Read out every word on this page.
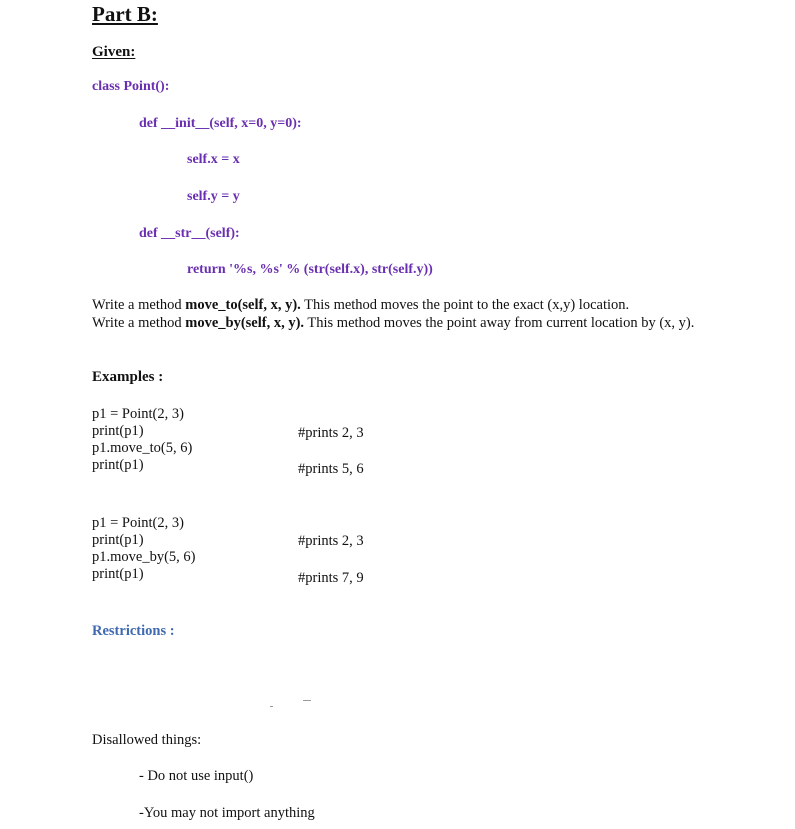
Part B:
Given:
class Point():
def __init__(self, x=0, y=0):
self.x = x
self.y = y
def __str__(self):
return '%s, %s' % (str(self.x), str(self.y))
Write a method move_to(self, x, y). This method moves the point to the exact (x,y) location.
Write a method move_by(self, x, y). This method moves the point away from current location by (x, y).
Examples :
p1 = Point(2, 3)
print(p1)
p1.move_to(5, 6)
print(p1)
#prints 2, 3
#prints 5, 6
p1 = Point(2, 3)
print(p1)
p1.move_by(5, 6)
print(p1)
#prints 2, 3
#prints 7, 9
Restrictions :
Disallowed things:
- Do not use input()
-You may not import anything
